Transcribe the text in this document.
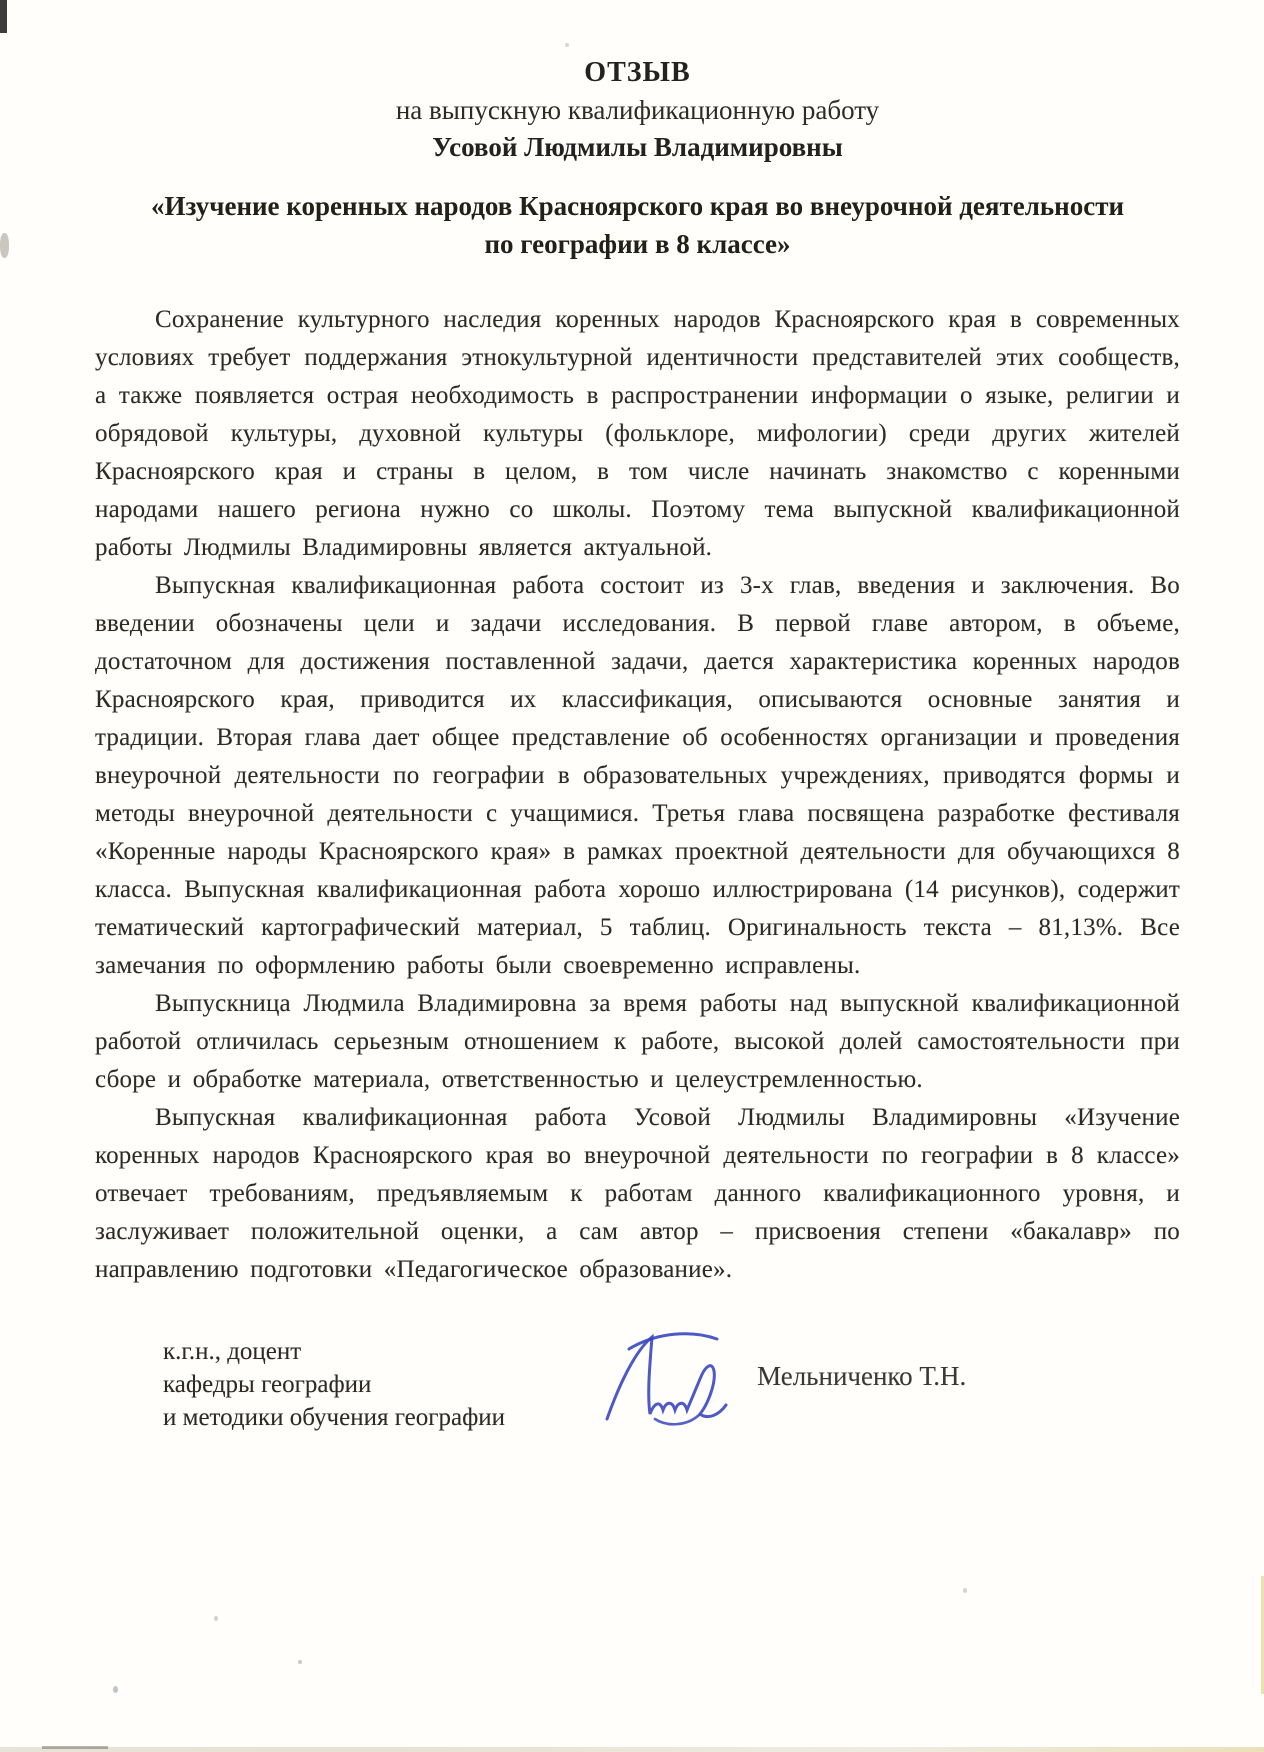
ОТЗЫВ
на выпускную квалификационную работу
Усовой Людмилы Владимировны
«Изучение коренных народов Красноярского края во внеурочной деятельности
по географии в 8 классе»

Сохранение культурного наследия коренных народов Красноярского края в современных условиях требует поддержания этнокультурной идентичности представителей этих сообществ, а также появляется острая необходимость в распространении информации о языке, религии и обрядовой культуры, духовной культуры (фольклоре, мифологии) среди других жителей Красноярского края и страны в целом, в том числе начинать знакомство с коренными народами нашего региона нужно со школы. Поэтому тема выпускной квалификационной работы Людмилы Владимировны является актуальной.

Выпускная квалификационная работа состоит из 3-х глав, введения и заключения. Во введении обозначены цели и задачи исследования. В первой главе автором, в объеме, достаточном для достижения поставленной задачи, дается характеристика коренных народов Красноярского края, приводится их классификация, описываются основные занятия и традиции. Вторая глава дает общее представление об особенностях организации и проведения внеурочной деятельности по географии в образовательных учреждениях, приводятся формы и методы внеурочной деятельности с учащимися. Третья глава посвящена разработке фестиваля «Коренные народы Красноярского края» в рамках проектной деятельности для обучающихся 8 класса. Выпускная квалификационная работа хорошо иллюстрирована (14 рисунков), содержит тематический картографический материал, 5 таблиц. Оригинальность текста – 81,13%. Все замечания по оформлению работы были своевременно исправлены.

Выпускница Людмила Владимировна за время работы над выпускной квалификационной работой отличилась серьезным отношением к работе, высокой долей самостоятельности при сборе и обработке материала, ответственностью и целеустремленностью.

Выпускная квалификационная работа Усовой Людмилы Владимировны «Изучение коренных народов Красноярского края во внеурочной деятельности по географии в 8 классе» отвечает требованиям, предъявляемым к работам данного квалификационного уровня, и заслуживает положительной оценки, а сам автор – присвоения степени «бакалавр» по направлению подготовки «Педагогическое образование».

к.г.н., доцент
кафедры географии
и методики обучения географии
Мельниченко Т.Н.
